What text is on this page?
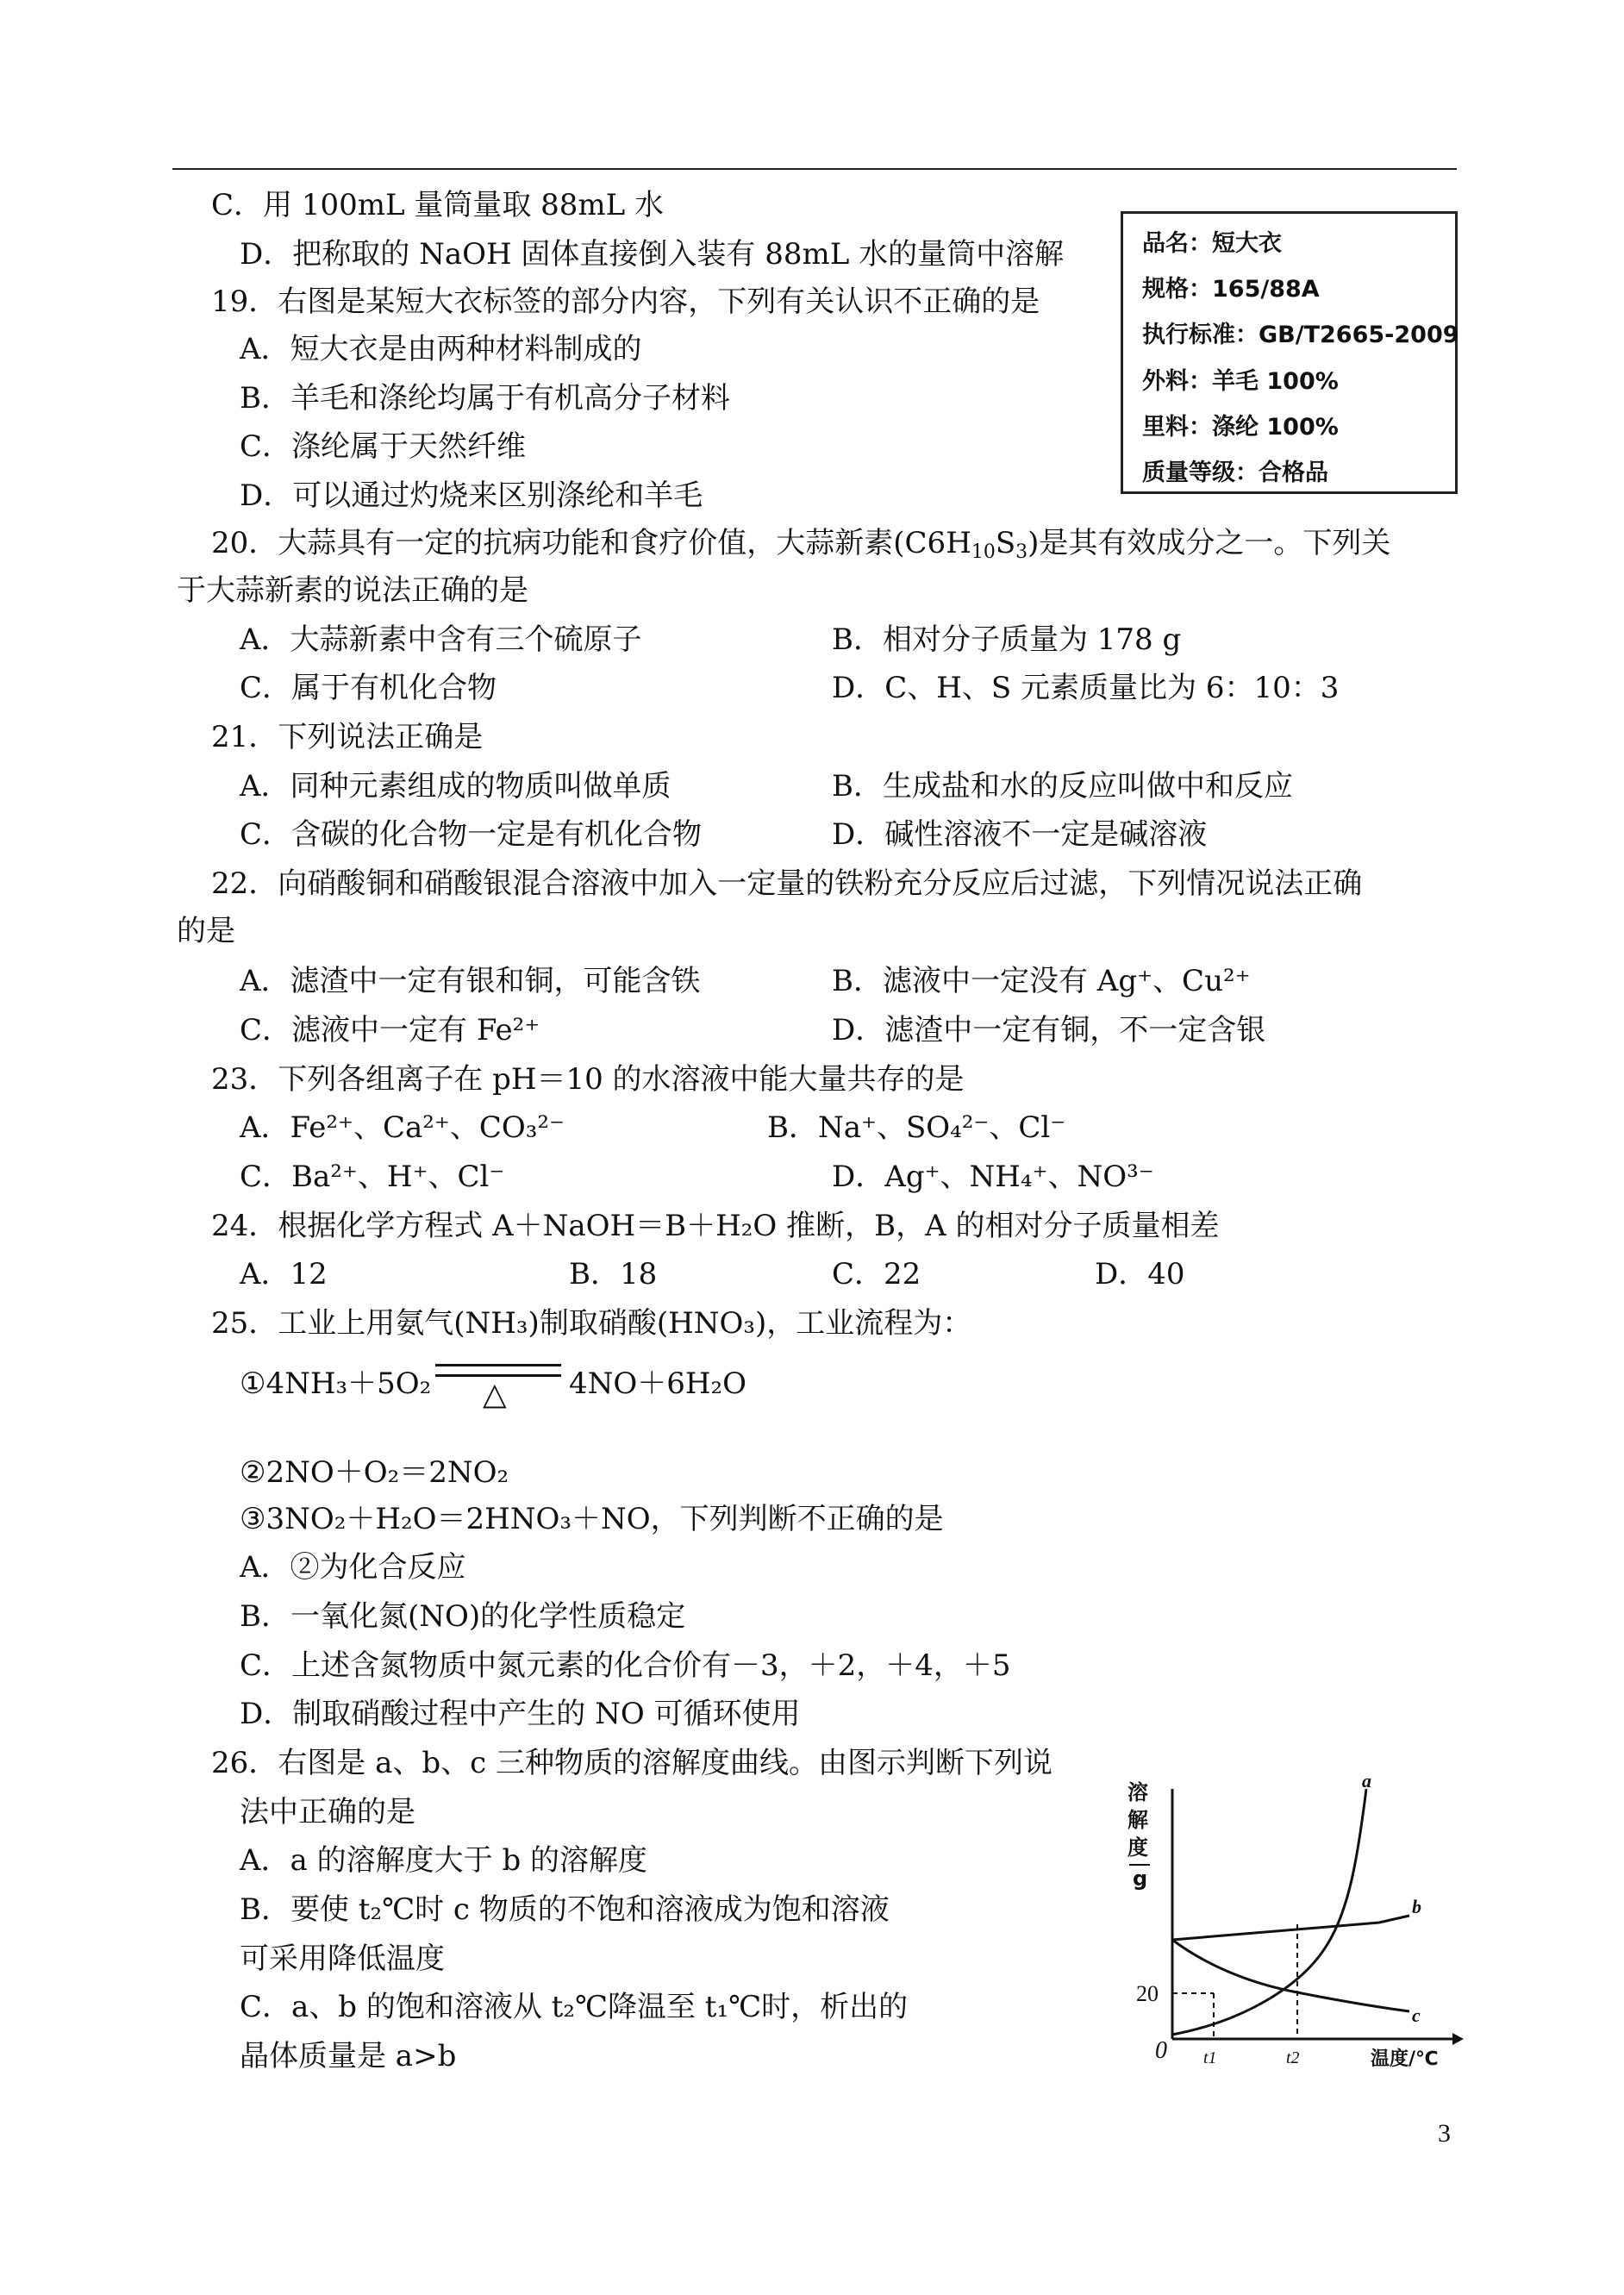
C．用 100mL 量筒量取 88mL 水
D．把称取的 NaOH 固体直接倒入装有 88mL 水的量筒中溶解
19．右图是某短大衣标签的部分内容，下列有关认识不正确的是
A．短大衣是由两种材料制成的
B．羊毛和涤纶均属于有机高分子材料
C．涤纶属于天然纤维
D．可以通过灼烧来区别涤纶和羊毛
品名：短大衣
规格：165/88A
执行标准：GB/T2665-2009
外料：羊毛 100%
里料：涤纶 100%
质量等级：合格品
20．大蒜具有一定的抗病功能和食疗价值，大蒜新素$(C6H_{10}S_3)$是其有效成分之一。下列关
于大蒜新素的说法正确的是
A．大蒜新素中含有三个硫原子	B．相对分子质量为 178 g
C．属于有机化合物	D．C、H、S 元素质量比为 6：10：3
21．下列说法正确是
A．同种元素组成的物质叫做单质	B．生成盐和水的反应叫做中和反应
C．含碳的化合物一定是有机化合物	D．碱性溶液不一定是碱溶液
22．向硝酸铜和硝酸银混合溶液中加入一定量的铁粉充分反应后过滤，下列情况说法正确
的是
A．滤渣中一定有银和铜，可能含铁	B．滤液中一定没有 Ag⁺、Cu²⁺
C．滤液中一定有 Fe²⁺	D．滤渣中一定有铜，不一定含银
23．下列各组离子在 pH＝10 的水溶液中能大量共存的是
A．Fe²⁺、Ca²⁺、CO₃²⁻	B．Na⁺、SO₄²⁻、Cl⁻
C．Ba²⁺、H⁺、Cl⁻	D．Ag⁺、NH₄⁺、NO³⁻
24．根据化学方程式 A＋NaOH＝B＋H₂O 推断，B，A 的相对分子质量相差
A．12	B．18	C．22	D．40
25．工业上用氨气(NH₃)制取硝酸(HNO₃)，工业流程为：
①4NH₃＋5O₂ △ 4NO＋6H₂O
②2NO＋O₂＝2NO₂
③3NO₂＋H₂O＝2HNO₃＋NO，下列判断不正确的是
A．②为化合反应
B．一氧化氮(NO)的化学性质稳定
C．上述含氮物质中氮元素的化合价有－3，＋2，＋4，＋5
D．制取硝酸过程中产生的 NO 可循环使用
26．右图是 a、b、c 三种物质的溶解度曲线。由图示判断下列说
法中正确的是
A．a 的溶解度大于 b 的溶解度
B．要使 t₂℃时 c 物质的不饱和溶液成为饱和溶液
可采用降低温度
C．a、b 的饱和溶液从 t₂℃降温至 t₁℃时，析出的
晶体质量是 a>b
溶
解
度
g
20
0 t1	t2	温度/℃
a
b
c
3
